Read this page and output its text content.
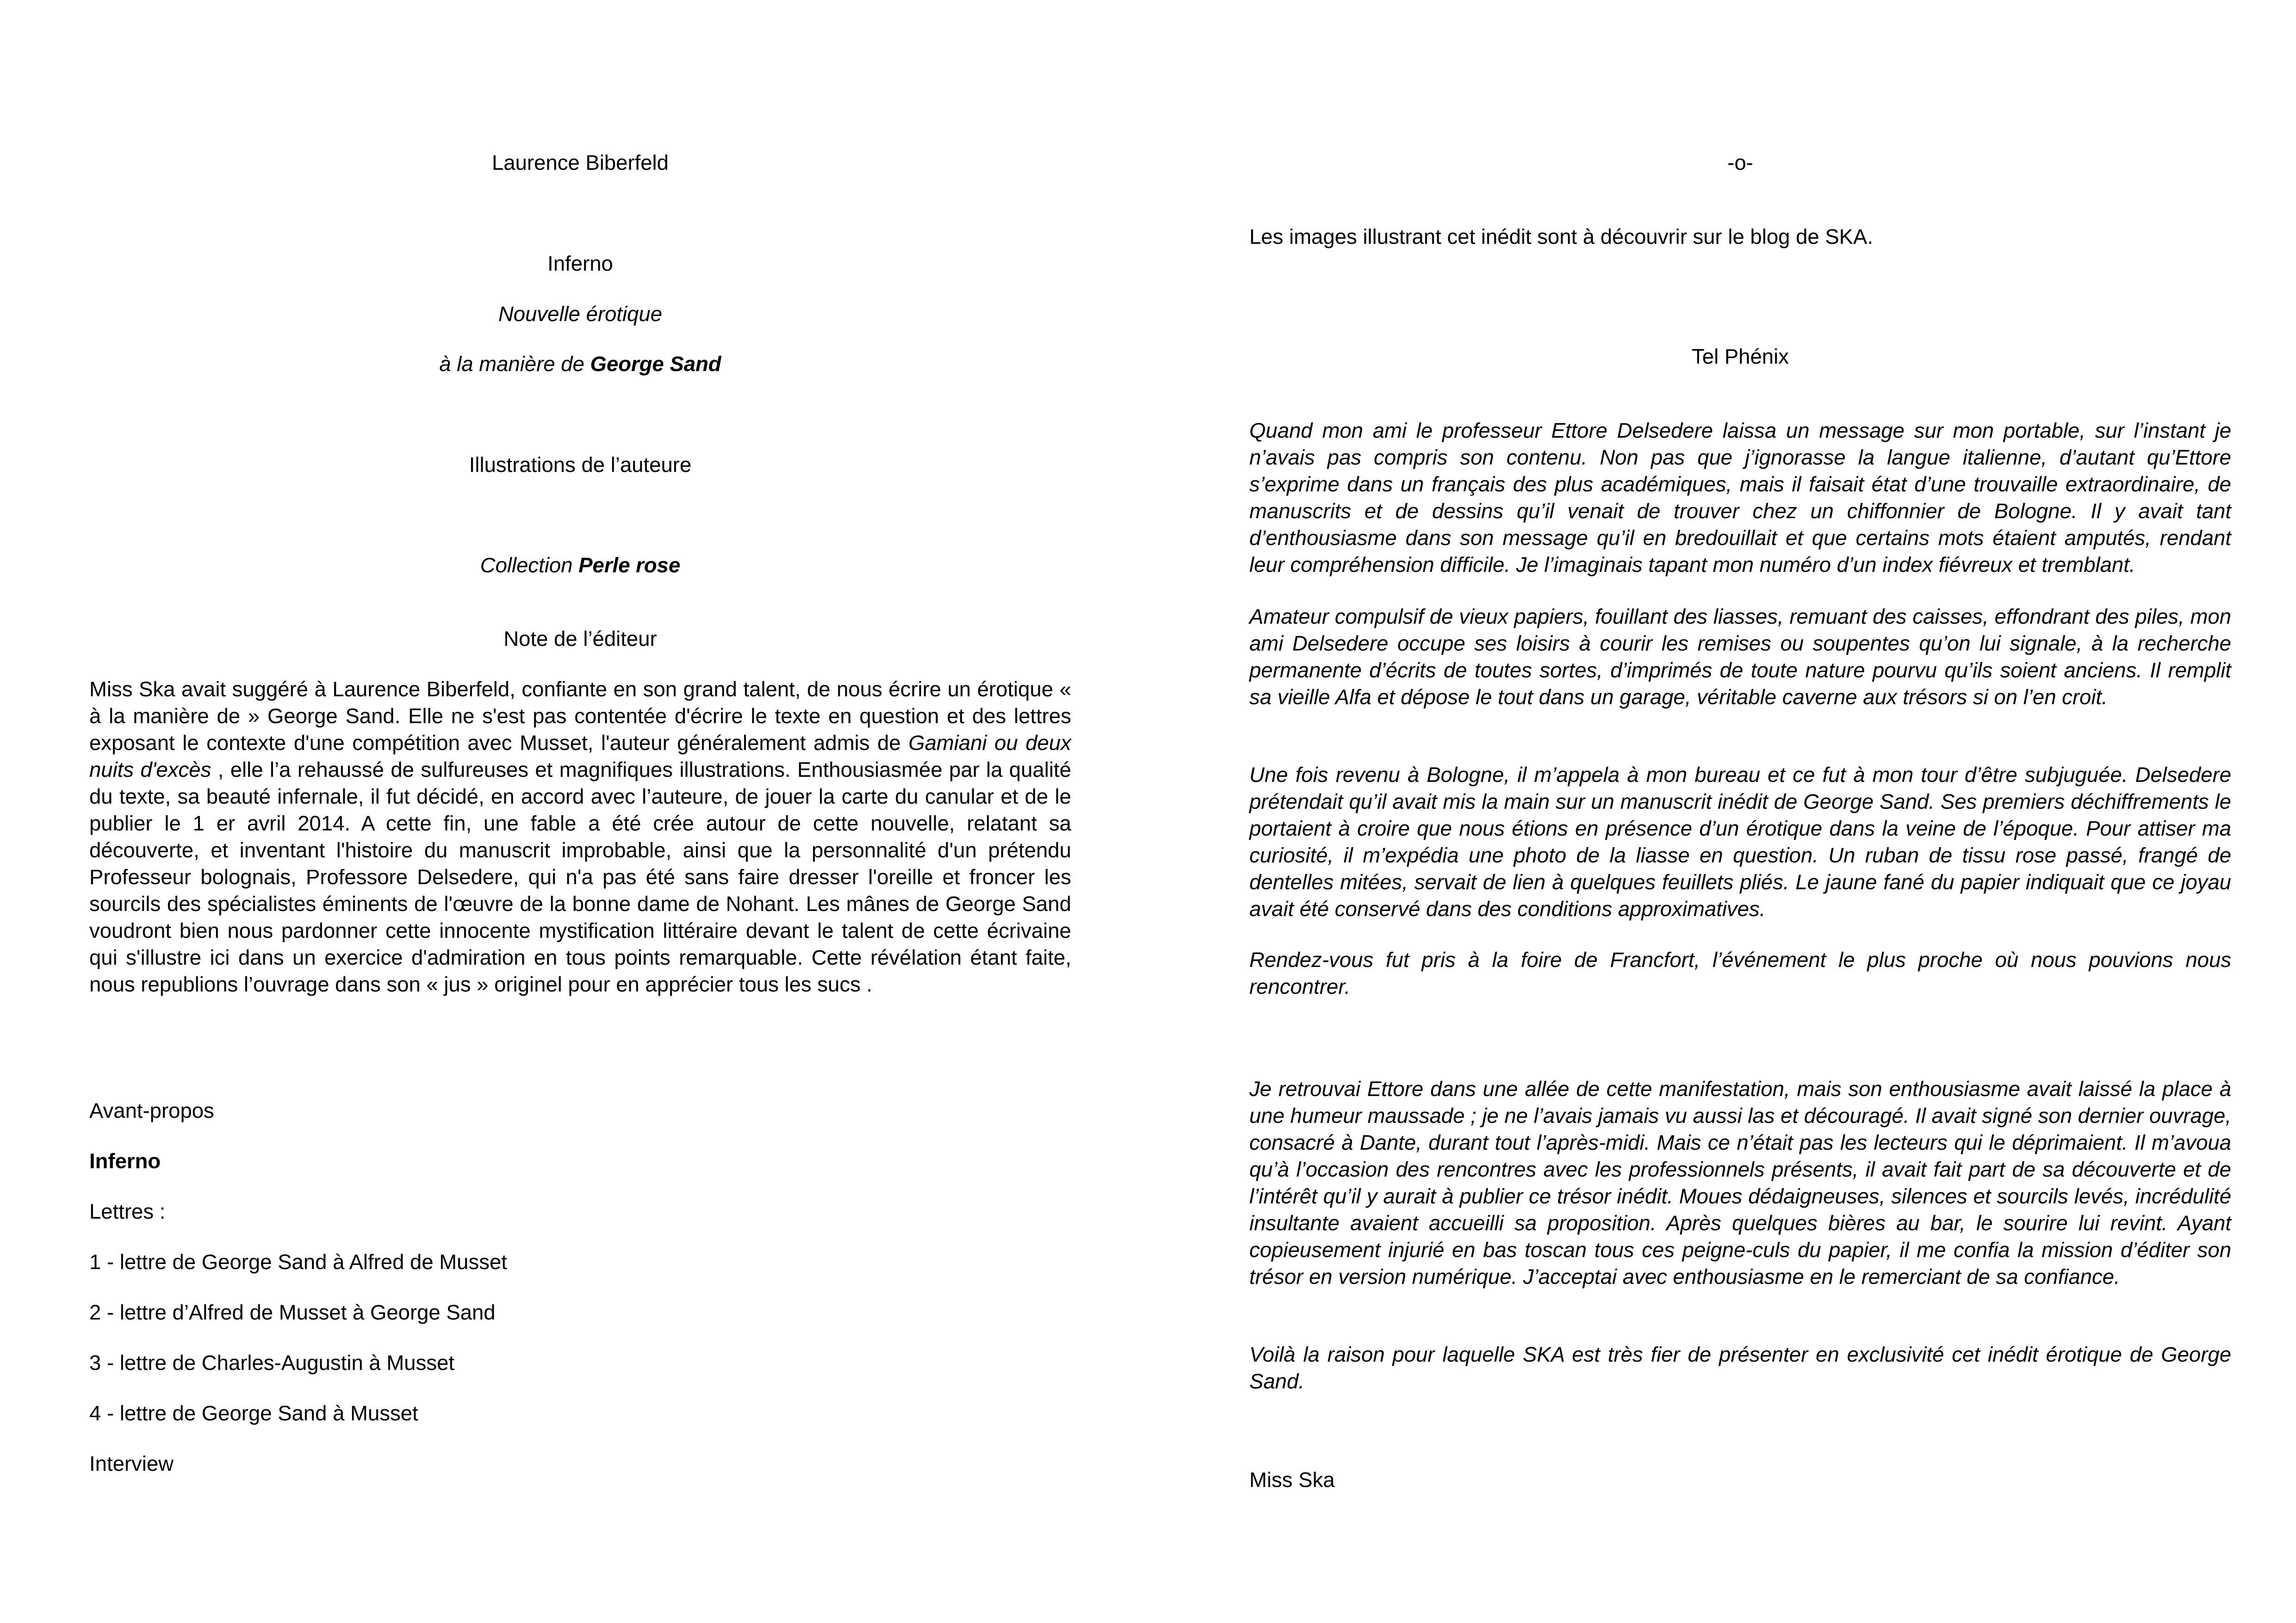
Laurence Biberfeld

Inferno

Nouvelle érotique

à la manière de George Sand

Illustrations de l’auteure

Collection Perle rose

Note de l’éditeur

Miss Ska avait suggéré à Laurence Biberfeld, confiante en son grand talent, de nous écrire un érotique « à la manière de » George Sand. Elle ne s'est pas contentée d'écrire le texte en question et des lettres exposant le contexte d'une compétition avec Musset, l'auteur généralement admis de Gamiani ou deux nuits d'excès , elle l’a rehaussé de sulfureuses et magnifiques illustrations. Enthousiasmée par la qualité du texte, sa beauté infernale, il fut décidé, en accord avec l’auteure, de jouer la carte du canular et de le publier le 1 er avril 2014. A cette fin, une fable a été crée autour de cette nouvelle, relatant sa découverte, et inventant l'histoire du manuscrit improbable, ainsi que la personnalité d'un prétendu Professeur bolognais, Professore Delsedere, qui n'a pas été sans faire dresser l'oreille et froncer les sourcils des spécialistes éminents de l'œuvre de la bonne dame de Nohant. Les mânes de George Sand voudront bien nous pardonner cette innocente mystification littéraire devant le talent de cette écrivaine qui s'illustre ici dans un exercice d'admiration en tous points remarquable. Cette révélation étant faite, nous republions l’ouvrage dans son « jus » originel pour en apprécier tous les sucs .

Avant-propos

Inferno

Lettres :

1 - lettre de George Sand à Alfred de Musset

2 - lettre d’Alfred de Musset à George Sand

3 - lettre de Charles-Augustin à Musset

4 - lettre de George Sand à Musset

Interview

-o-

Les images illustrant cet inédit sont à découvrir sur le blog de SKA.

Tel Phénix

Quand mon ami le professeur Ettore Delsedere laissa un message sur mon portable, sur l’instant je n’avais pas compris son contenu. Non pas que j’ignorasse la langue italienne, d’autant qu’Ettore s’exprime dans un français des plus académiques, mais il faisait état d’une trouvaille extraordinaire, de manuscrits et de dessins qu’il venait de trouver chez un chiffonnier de Bologne. Il y avait tant d’enthousiasme dans son message qu’il en bredouillait et que certains mots étaient amputés, rendant leur compréhension difficile. Je l’imaginais tapant mon numéro d’un index fiévreux et tremblant.

Amateur compulsif de vieux papiers, fouillant des liasses, remuant des caisses, effondrant des piles, mon ami Delsedere occupe ses loisirs à courir les remises ou soupentes qu’on lui signale, à la recherche permanente d’écrits de toutes sortes, d’imprimés de toute nature pourvu qu’ils soient anciens. Il remplit sa vieille Alfa et dépose le tout dans un garage, véritable caverne aux trésors si on l’en croit.

Une fois revenu à Bologne, il m’appela à mon bureau et ce fut à mon tour d’être subjuguée. Delsedere prétendait qu’il avait mis la main sur un manuscrit inédit de George Sand. Ses premiers déchiffrements le portaient à croire que nous étions en présence d’un érotique dans la veine de l’époque. Pour attiser ma curiosité, il m’expédia une photo de la liasse en question. Un ruban de tissu rose passé, frangé de dentelles mitées, servait de lien à quelques feuillets pliés. Le jaune fané du papier indiquait que ce joyau avait été conservé dans des conditions approximatives.

Rendez-vous fut pris à la foire de Francfort, l’événement le plus proche où nous pouvions nous rencontrer.

Je retrouvai Ettore dans une allée de cette manifestation, mais son enthousiasme avait laissé la place à une humeur maussade ; je ne l’avais jamais vu aussi las et découragé. Il avait signé son dernier ouvrage, consacré à Dante, durant tout l’après-midi. Mais ce n’était pas les lecteurs qui le déprimaient. Il m’avoua qu’à l’occasion des rencontres avec les professionnels présents, il avait fait part de sa découverte et de l’intérêt qu’il y aurait à publier ce trésor inédit. Moues dédaigneuses, silences et sourcils levés, incrédulité insultante avaient accueilli sa proposition. Après quelques bières au bar, le sourire lui revint. Ayant copieusement injurié en bas toscan tous ces peigne-culs du papier, il me confia la mission d’éditer son trésor en version numérique. J’acceptai avec enthousiasme en le remerciant de sa confiance.

Voilà la raison pour laquelle SKA est très fier de présenter en exclusivité cet inédit érotique de George Sand.

Miss Ska
